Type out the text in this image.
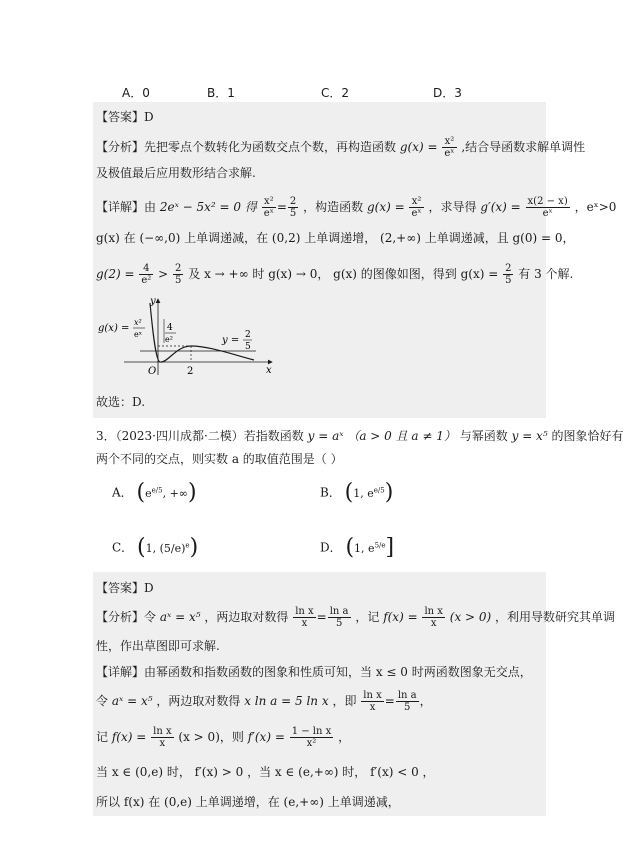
A．0	B．1	C．2	D．3
【答案】D
【分析】先把零点个数转化为函数交点个数，再构造函数 $g(x) = \frac{\text{x²}}{\text{eˣ}}$ ,结合导函数求解单调性
及极值最后应用数形结合求解.
【详解】由 2eˣ − 5x² = 0 得 $\frac{\text{x²}}{\text{eˣ}} = \frac{2}{5}$ ，构造函数 $g(x) = \frac{\text{x²}}{\text{eˣ}}$ ，求导得 $g'(x) = \frac{x(2 - x)}{\text{eˣ}}$ ，eˣ>0
g(x) 在 (−∞,0) 上单调递减，在 (0,2) 上单调递增， (2,+∞) 上单调递减，且 g(0) = 0，
$g(2) = \frac{4}{\text{e²}} > \frac{2}{5}$ 及 x → +∞ 时 g(x) → 0， g(x) 的图像如图，得到 $g(x) = \frac{2}{5}$ 有 3 个解.
y
x
O	2
g(x) =
x²
eˣ
4
e²	y = 2
5
故选：D.
3．（2023·四川成都·二模）若指数函数 y = aˣ （a > 0 且 a ≠ 1） 与幂函数 y = x⁵ 的图象恰好有
两个不同的交点，则实数 a 的取值范围是（ ）
A． ($e^{e/5}$, +∞)	B． (1, $e^{e/5}$)
C． (1, $(5/e)^e$)	D． (1, $e^{5/e}$]
【答案】D
【分析】令 aˣ = x⁵ ，两边取对数得 $\frac{\text{ln x}}{x} = \frac{\text{ln a}}{5}$ ，记 $f(x) = \frac{\text{ln x}}{x} (x > 0)$ ，利用导数研究其单调
性，作出草图即可求解.
【详解】由幂函数和指数函数的图象和性质可知，当 x ≤ 0 时两函数图象无交点，
令 aˣ = x⁵ ，两边取对数得 x ln a = 5 ln x ，即 $\frac{\text{ln x}}{x} = \frac{\text{ln a}}{5}$ ，
记 $f(x) = \frac{\text{ln x}}{x} (x > 0)$，则 $f'(x) = \frac{\text{1 − ln x}}{\text{x²}}$ ，
当 x ∈ (0,e) 时， f′(x) > 0 ，当 x ∈ (e,+∞) 时， f′(x) < 0 ，
所以 f(x) 在 (0,e) 上单调递增，在 (e,+∞) 上单调递减，
